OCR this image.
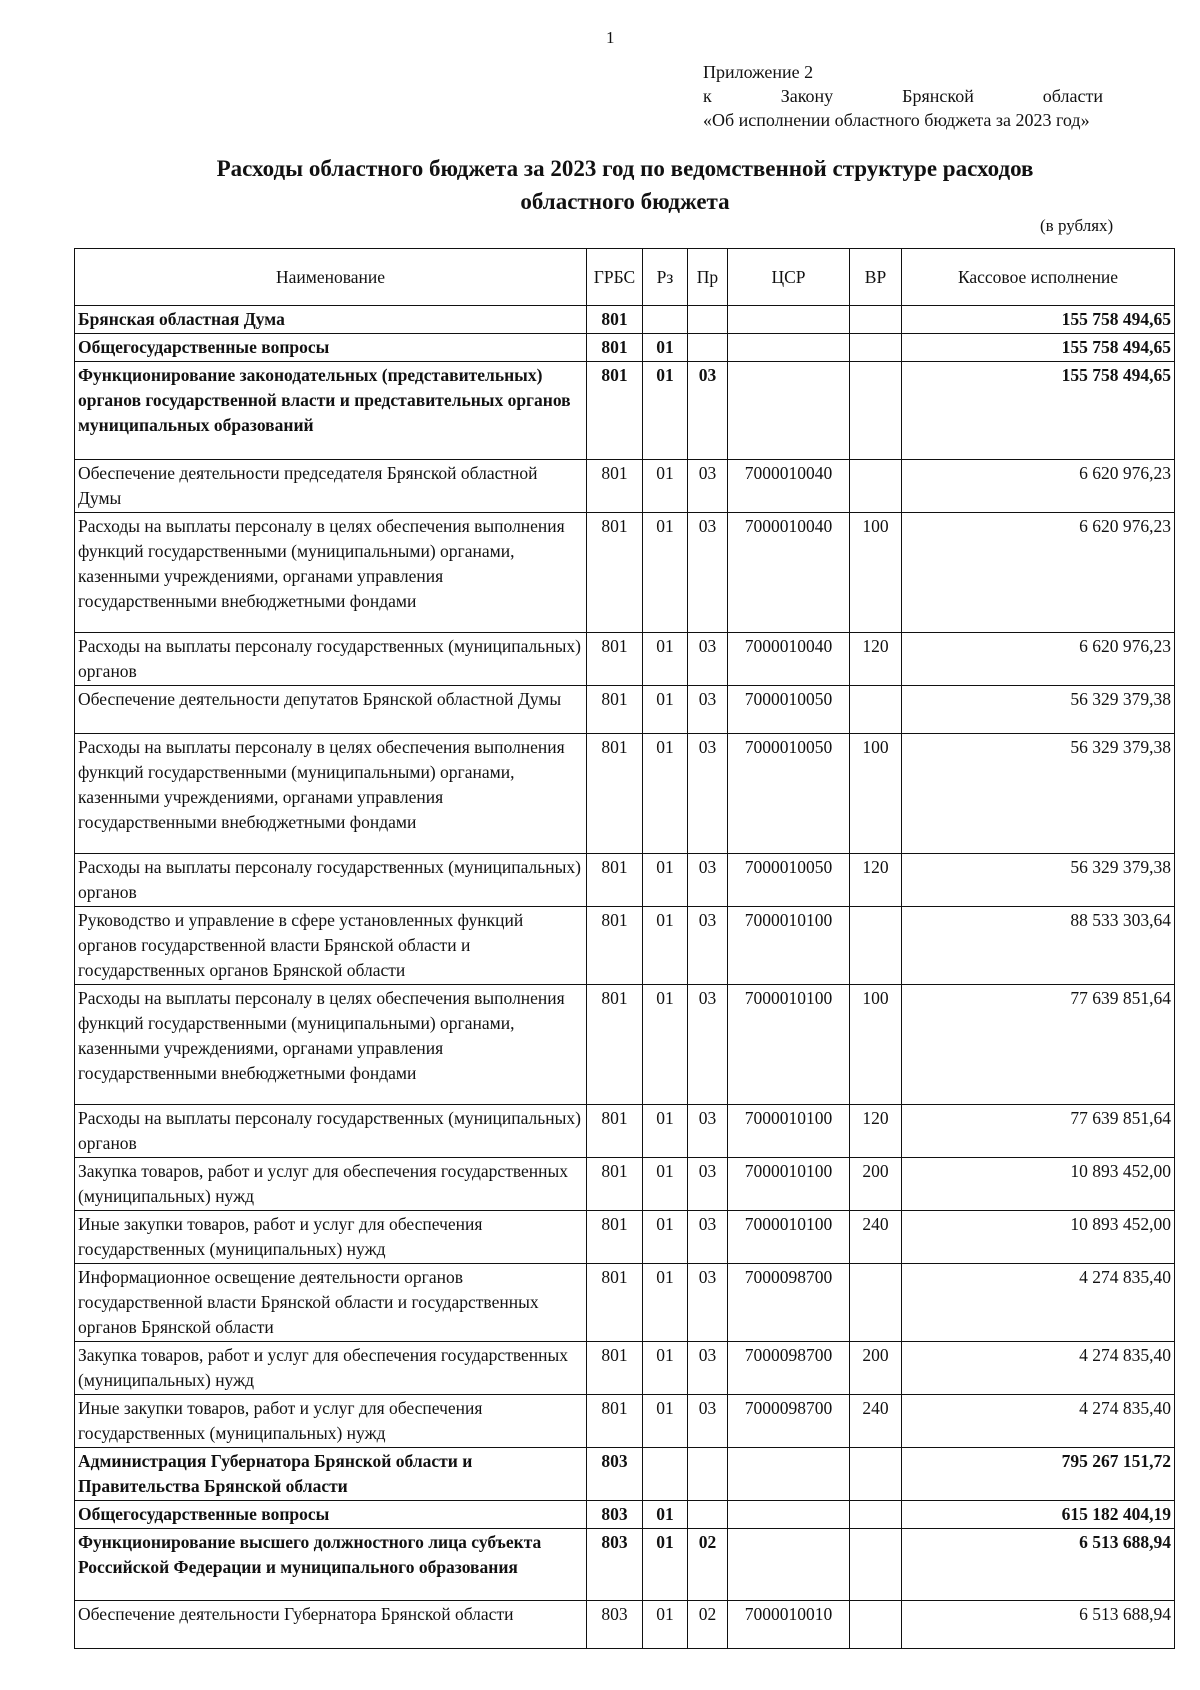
1
Приложение 2
к	Закону	Брянской	области
«Об исполнении областного бюджета за 2023 год»
Расходы областного бюджета за 2023 год по ведомственной структуре расходов
областного бюджета
(в рублях)
Наименование	ГРБС	Рз	Пр	ЦСР	ВР	Кассовое исполнение
Брянская областная Дума	801					155 758 494,65
Общегосударственные вопросы	801	01				155 758 494,65
Функционирование законодательных (представительных) органов государственной власти и представительных органов муниципальных образований	801	01	03			155 758 494,65
Обеспечение деятельности председателя Брянской областной Думы	801	01	03	7000010040		6 620 976,23
Расходы на выплаты персоналу в целях обеспечения выполнения функций государственными (муниципальными) органами, казенными учреждениями, органами управления государственными внебюджетными фондами	801	01	03	7000010040	100	6 620 976,23
Расходы на выплаты персоналу государственных (муниципальных) органов	801	01	03	7000010040	120	6 620 976,23
Обеспечение деятельности депутатов Брянской областной Думы	801	01	03	7000010050		56 329 379,38
Расходы на выплаты персоналу в целях обеспечения выполнения функций государственными (муниципальными) органами, казенными учреждениями, органами управления государственными внебюджетными фондами	801	01	03	7000010050	100	56 329 379,38
Расходы на выплаты персоналу государственных (муниципальных) органов	801	01	03	7000010050	120	56 329 379,38
Руководство и управление в сфере установленных функций органов государственной власти Брянской области и государственных органов Брянской области	801	01	03	7000010100		88 533 303,64
Расходы на выплаты персоналу в целях обеспечения выполнения функций государственными (муниципальными) органами, казенными учреждениями, органами управления государственными внебюджетными фондами	801	01	03	7000010100	100	77 639 851,64
Расходы на выплаты персоналу государственных (муниципальных) органов	801	01	03	7000010100	120	77 639 851,64
Закупка товаров, работ и услуг для обеспечения государственных (муниципальных) нужд	801	01	03	7000010100	200	10 893 452,00
Иные закупки товаров, работ и услуг для обеспечения государственных (муниципальных) нужд	801	01	03	7000010100	240	10 893 452,00
Информационное освещение деятельности органов государственной власти Брянской области и государственных органов Брянской области	801	01	03	7000098700		4 274 835,40
Закупка товаров, работ и услуг для обеспечения государственных (муниципальных) нужд	801	01	03	7000098700	200	4 274 835,40
Иные закупки товаров, работ и услуг для обеспечения государственных (муниципальных) нужд	801	01	03	7000098700	240	4 274 835,40
Администрация Губернатора Брянской области и Правительства Брянской области	803					795 267 151,72
Общегосударственные вопросы	803	01				615 182 404,19
Функционирование высшего должностного лица субъекта Российской Федерации и муниципального образования	803	01	02			6 513 688,94
Обеспечение деятельности Губернатора Брянской области	803	01	02	7000010010		6 513 688,94
